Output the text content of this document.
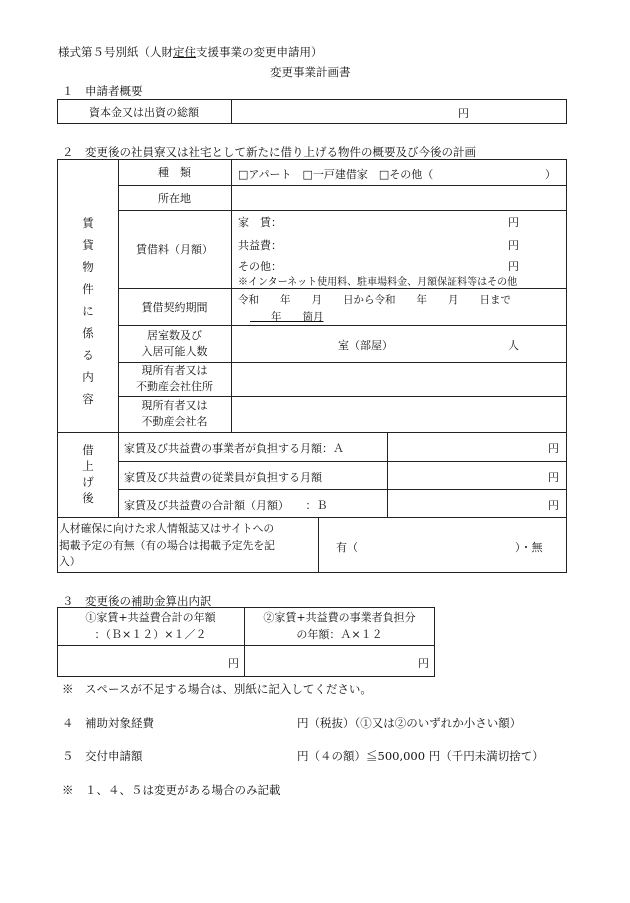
様式第５号別紙（人財定住支援事業の変更申請用）
変更事業計画書
１　申請者概要
資本金又は出資の総額	円
２　変更後の社員寮又は社宅として新たに借り上げる物件の概要及び今後の計画
賃
貸
物
件
に
係
る
内
容
種　類	□アパート　□一戸建借家　□その他（	）
所在地
賃借料（月額）
家　賃：	円
共益費：	円
その他：	円
※インターネット使用料、駐車場料金、月額保証料等はその他
賃借契約期間
令和　　年　　月　　日から令和　　年　　月　　日まで
　　年　　箇月
居室数及び
入居可能人数	室（部屋）	人
現所有者又は
不動産会社住所
現所有者又は
不動産会社名
借
上
げ
後
家賃及び共益費の事業者が負担する月額：Ａ	円
家賃及び共益費の従業員が負担する月額	円
家賃及び共益費の合計額（月額）　　：Ｂ	円
人材確保に向けた求人情報誌又はサイトへの
掲載予定の有無（有の場合は掲載予定先を記
入）
有（	）・無
３　変更後の補助金算出内訳
①家賃+共益費合計の年額
：（Ｂ×１２）×１／２
②家賃+共益費の事業者負担分
の年額：Ａ×１２
円	円
※　スペースが不足する場合は、別紙に記入してください。
４　補助対象経費	円（税抜）（①又は②のいずれか小さい額）
５　交付申請額	円（４の額）≦500,000 円（千円未満切捨て）
※　１、４、５は変更がある場合のみ記載
